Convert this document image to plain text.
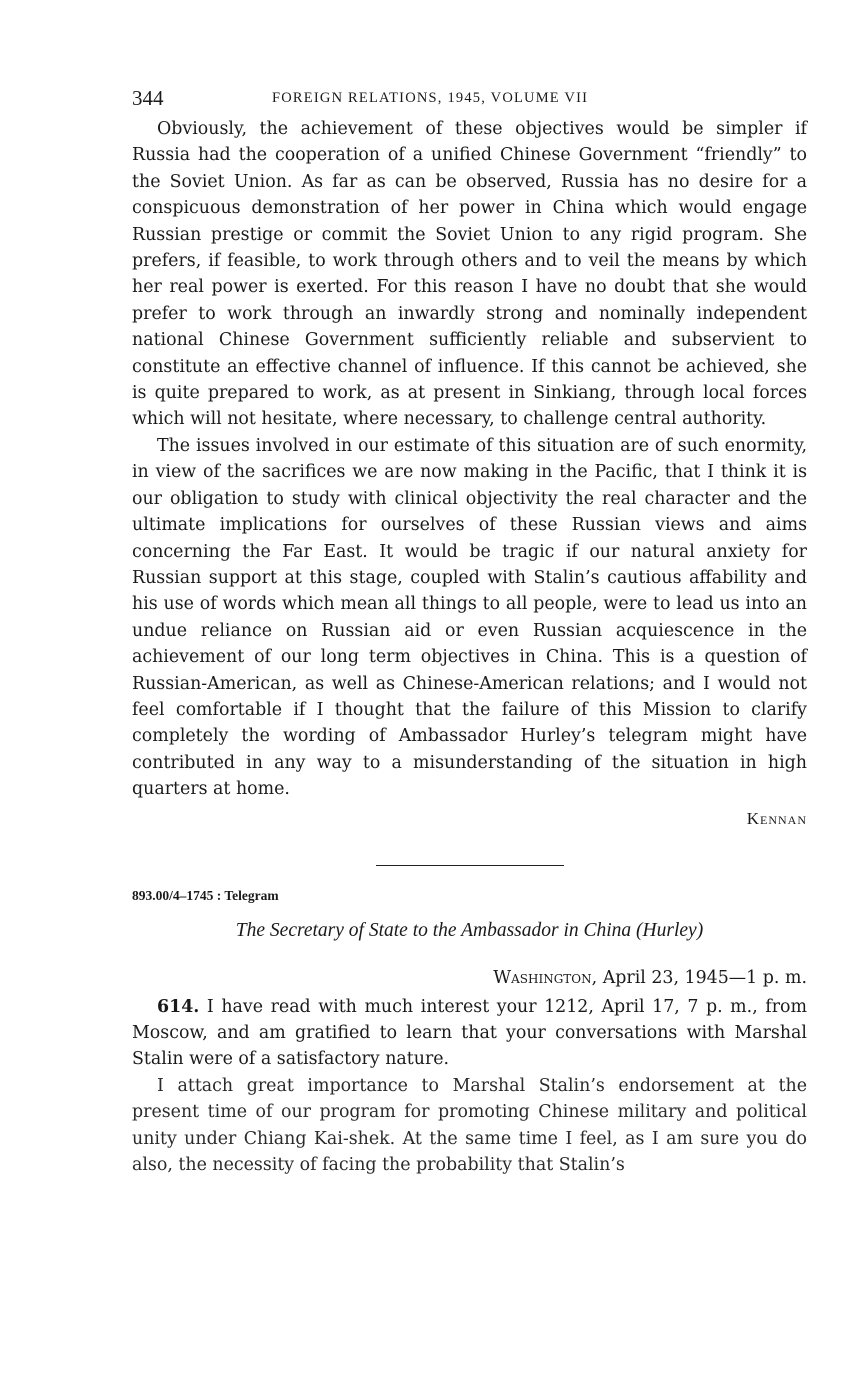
344	FOREIGN RELATIONS, 1945, VOLUME VII

Obviously, the achievement of these objectives would be simpler if Russia had the cooperation of a unified Chinese Government “friendly” to the Soviet Union. As far as can be observed, Russia has no desire for a conspicuous demonstration of her power in China which would engage Russian prestige or commit the Soviet Union to any rigid program. She prefers, if feasible, to work through others and to veil the means by which her real power is exerted. For this reason I have no doubt that she would prefer to work through an inwardly strong and nominally independent national Chinese Government sufficiently reliable and subservient to constitute an effective channel of influence. If this cannot be achieved, she is quite prepared to work, as at present in Sinkiang, through local forces which will not hesitate, where necessary, to challenge central authority.

The issues involved in our estimate of this situation are of such enormity, in view of the sacrifices we are now making in the Pacific, that I think it is our obligation to study with clinical objectivity the real character and the ultimate implications for ourselves of these Russian views and aims concerning the Far East. It would be tragic if our natural anxiety for Russian support at this stage, coupled with Stalin’s cautious affability and his use of words which mean all things to all people, were to lead us into an undue reliance on Russian aid or even Russian acquiescence in the achievement of our long term objectives in China. This is a question of Russian-American, as well as Chinese-American relations; and I would not feel comfortable if I thought that the failure of this Mission to clarify completely the wording of Ambassador Hurley’s telegram might have contributed in any way to a misunderstanding of the situation in high quarters at home.

Kennan
893.00/4–1745 : Telegram
The Secretary of State to the Ambassador in China (Hurley)
Washington, April 23, 1945—1 p. m.

614. I have read with much interest your 1212, April 17, 7 p. m., from Moscow, and am gratified to learn that your conversations with Marshal Stalin were of a satisfactory nature.

I attach great importance to Marshal Stalin’s endorsement at the present time of our program for promoting Chinese military and political unity under Chiang Kai-shek. At the same time I feel, as I am sure you do also, the necessity of facing the probability that Stalin’s
